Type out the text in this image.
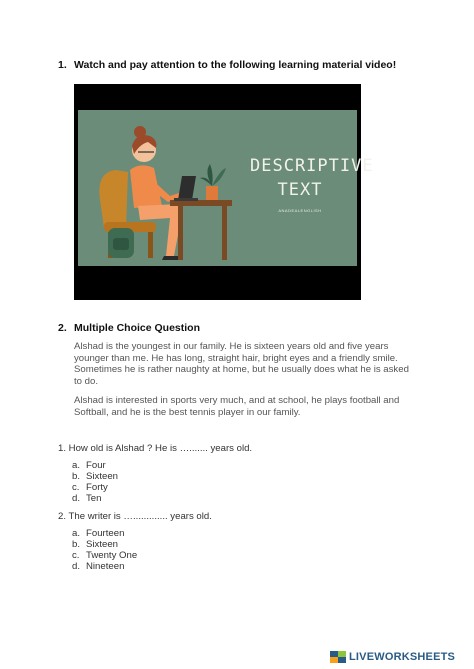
1. Watch and pay attention to the following learning material video!
DESCRIPTIVE
TEXT
ANADEALENGLISH
2. Multiple Choice Question
Alshad is the youngest in our family. He is sixteen years old and five years younger than me. He has long, straight hair, bright eyes and a friendly smile. Sometimes he is rather naughty at home, but he usually does what he is asked to do.
Alshad is interested in sports very much, and at school, he plays football and Softball, and he is the best tennis player in our family.
1. How old is Alshad ? He is …....... years old.
a. Four
b. Sixteen
c. Forty
d. Ten
2. The writer is …............. years old.
a. Fourteen
b. Sixteen
c. Twenty One
d. Nineteen
LIVEWORKSHEETS
